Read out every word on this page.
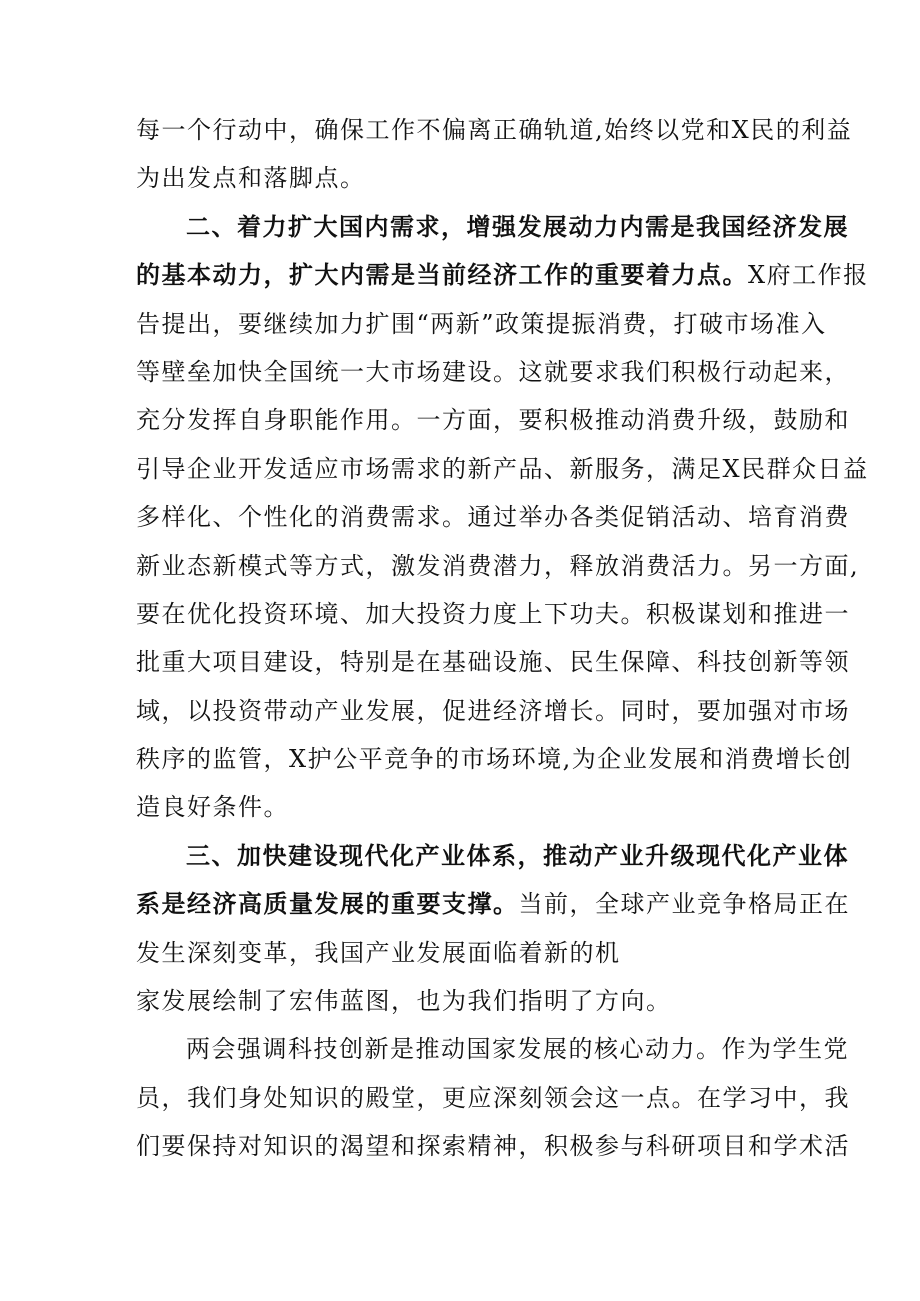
每一个行动中，确保工作不偏离正确轨道,始终以党和X民的利益
为出发点和落脚点。
二、着力扩大国内需求，增强发展动力内需是我国经济发展
的基本动力，扩大内需是当前经济工作的重要着力点。X府工作报
告提出，要继续加力扩围“两新”政策提振消费，打破市场准入
等壁垒加快全国统一大市场建设。这就要求我们积极行动起来，
充分发挥自身职能作用。一方面，要积极推动消费升级，鼓励和
引导企业开发适应市场需求的新产品、新服务，满足X民群众日益
多样化、个性化的消费需求。通过举办各类促销活动、培育消费
新业态新模式等方式，激发消费潜力，释放消费活力。另一方面,
要在优化投资环境、加大投资力度上下功夫。积极谋划和推进一
批重大项目建设，特别是在基础设施、民生保障、科技创新等领
域，以投资带动产业发展，促进经济增长。同时，要加强对市场
秩序的监管，X护公平竞争的市场环境,为企业发展和消费增长创
造良好条件。
三、加快建设现代化产业体系，推动产业升级现代化产业体
系是经济高质量发展的重要支撑。当前，全球产业竞争格局正在
发生深刻变革，我国产业发展面临着新的机
家发展绘制了宏伟蓝图，也为我们指明了方向。
两会强调科技创新是推动国家发展的核心动力。作为学生党
员，我们身处知识的殿堂，更应深刻领会这一点。在学习中，我
们要保持对知识的渴望和探索精神，积极参与科研项目和学术活
